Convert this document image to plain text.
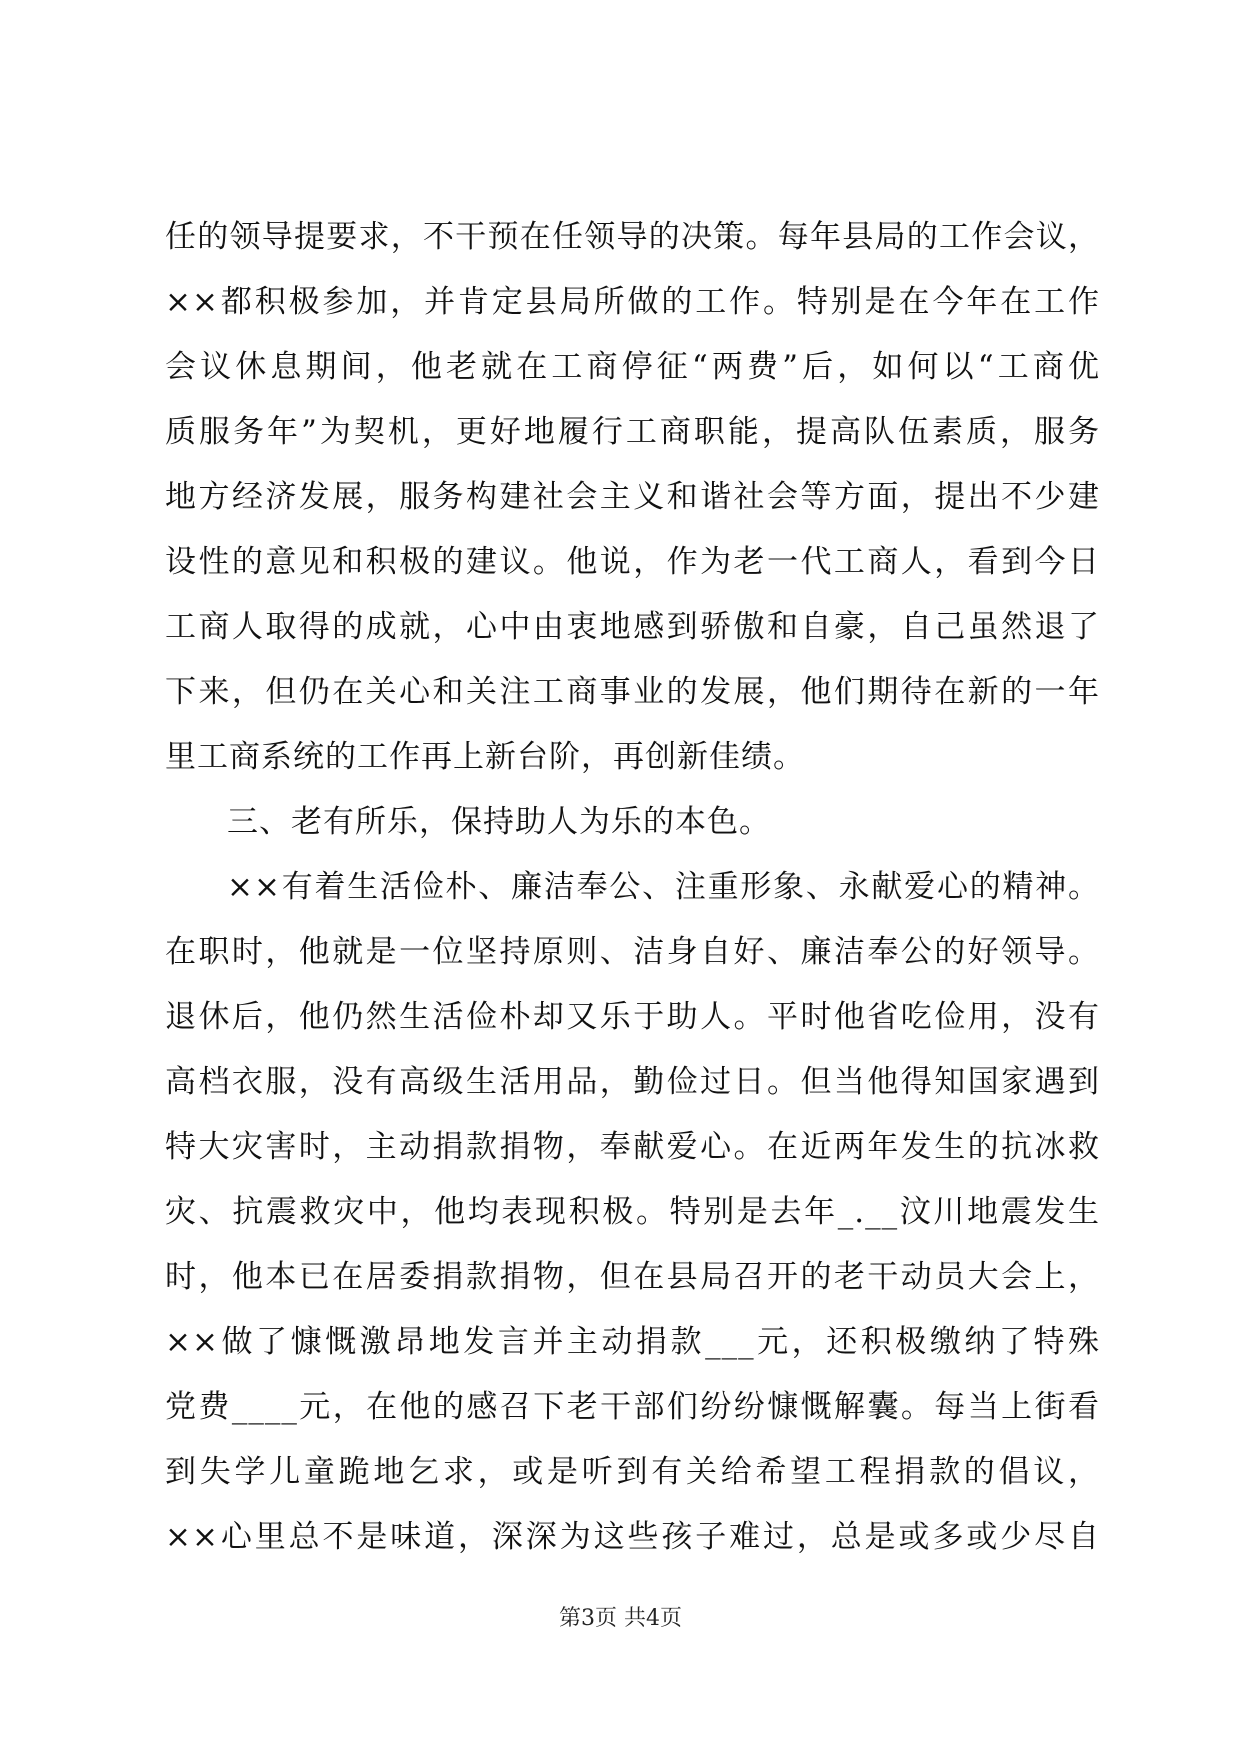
任的领导提要求，不干预在任领导的决策。每年县局的工作会议，
××都积极参加，并肯定县局所做的工作。特别是在今年在工作
会议休息期间，他老就在工商停征“两费”后，如何以“工商优
质服务年”为契机，更好地履行工商职能，提高队伍素质，服务
地方经济发展，服务构建社会主义和谐社会等方面，提出不少建
设性的意见和积极的建议。他说，作为老一代工商人，看到今日
工商人取得的成就，心中由衷地感到骄傲和自豪，自己虽然退了
下来，但仍在关心和关注工商事业的发展，他们期待在新的一年
里工商系统的工作再上新台阶，再创新佳绩。
三、老有所乐，保持助人为乐的本色。
××有着生活俭朴、廉洁奉公、注重形象、永献爱心的精神。
在职时，他就是一位坚持原则、洁身自好、廉洁奉公的好领导。
退休后，他仍然生活俭朴却又乐于助人。平时他省吃俭用，没有
高档衣服，没有高级生活用品，勤俭过日。但当他得知国家遇到
特大灾害时，主动捐款捐物，奉献爱心。在近两年发生的抗冰救
灾、抗震救灾中，他均表现积极。特别是去年_.__汶川地震发生
时，他本已在居委捐款捐物，但在县局召开的老干动员大会上，
××做了慷慨激昂地发言并主动捐款___元，还积极缴纳了特殊
党费____元，在他的感召下老干部们纷纷慷慨解囊。每当上街看
到失学儿童跪地乞求，或是听到有关给希望工程捐款的倡议，
××心里总不是味道，深深为这些孩子难过，总是或多或少尽自
第3页 共4页
